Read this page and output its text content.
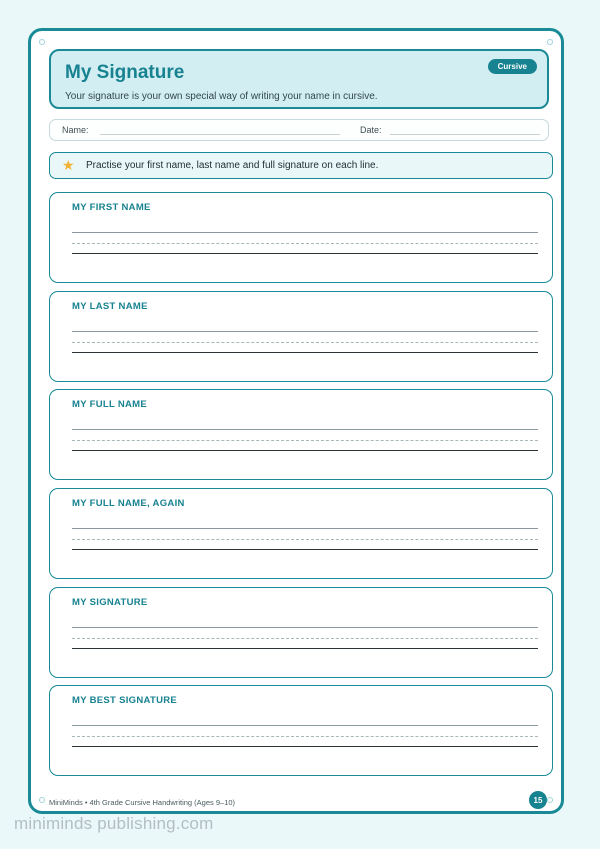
My Signature
Your signature is your own special way of writing your name in cursive.
Cursive
Name:	Date:
★ Practise your first name, last name and full signature on each line.
MY FIRST NAME
MY LAST NAME
MY FULL NAME
MY FULL NAME, AGAIN
MY SIGNATURE
MY BEST SIGNATURE
MiniMinds • 4th Grade Cursive Handwriting (Ages 9–10)	15
miniminds publishing.com
